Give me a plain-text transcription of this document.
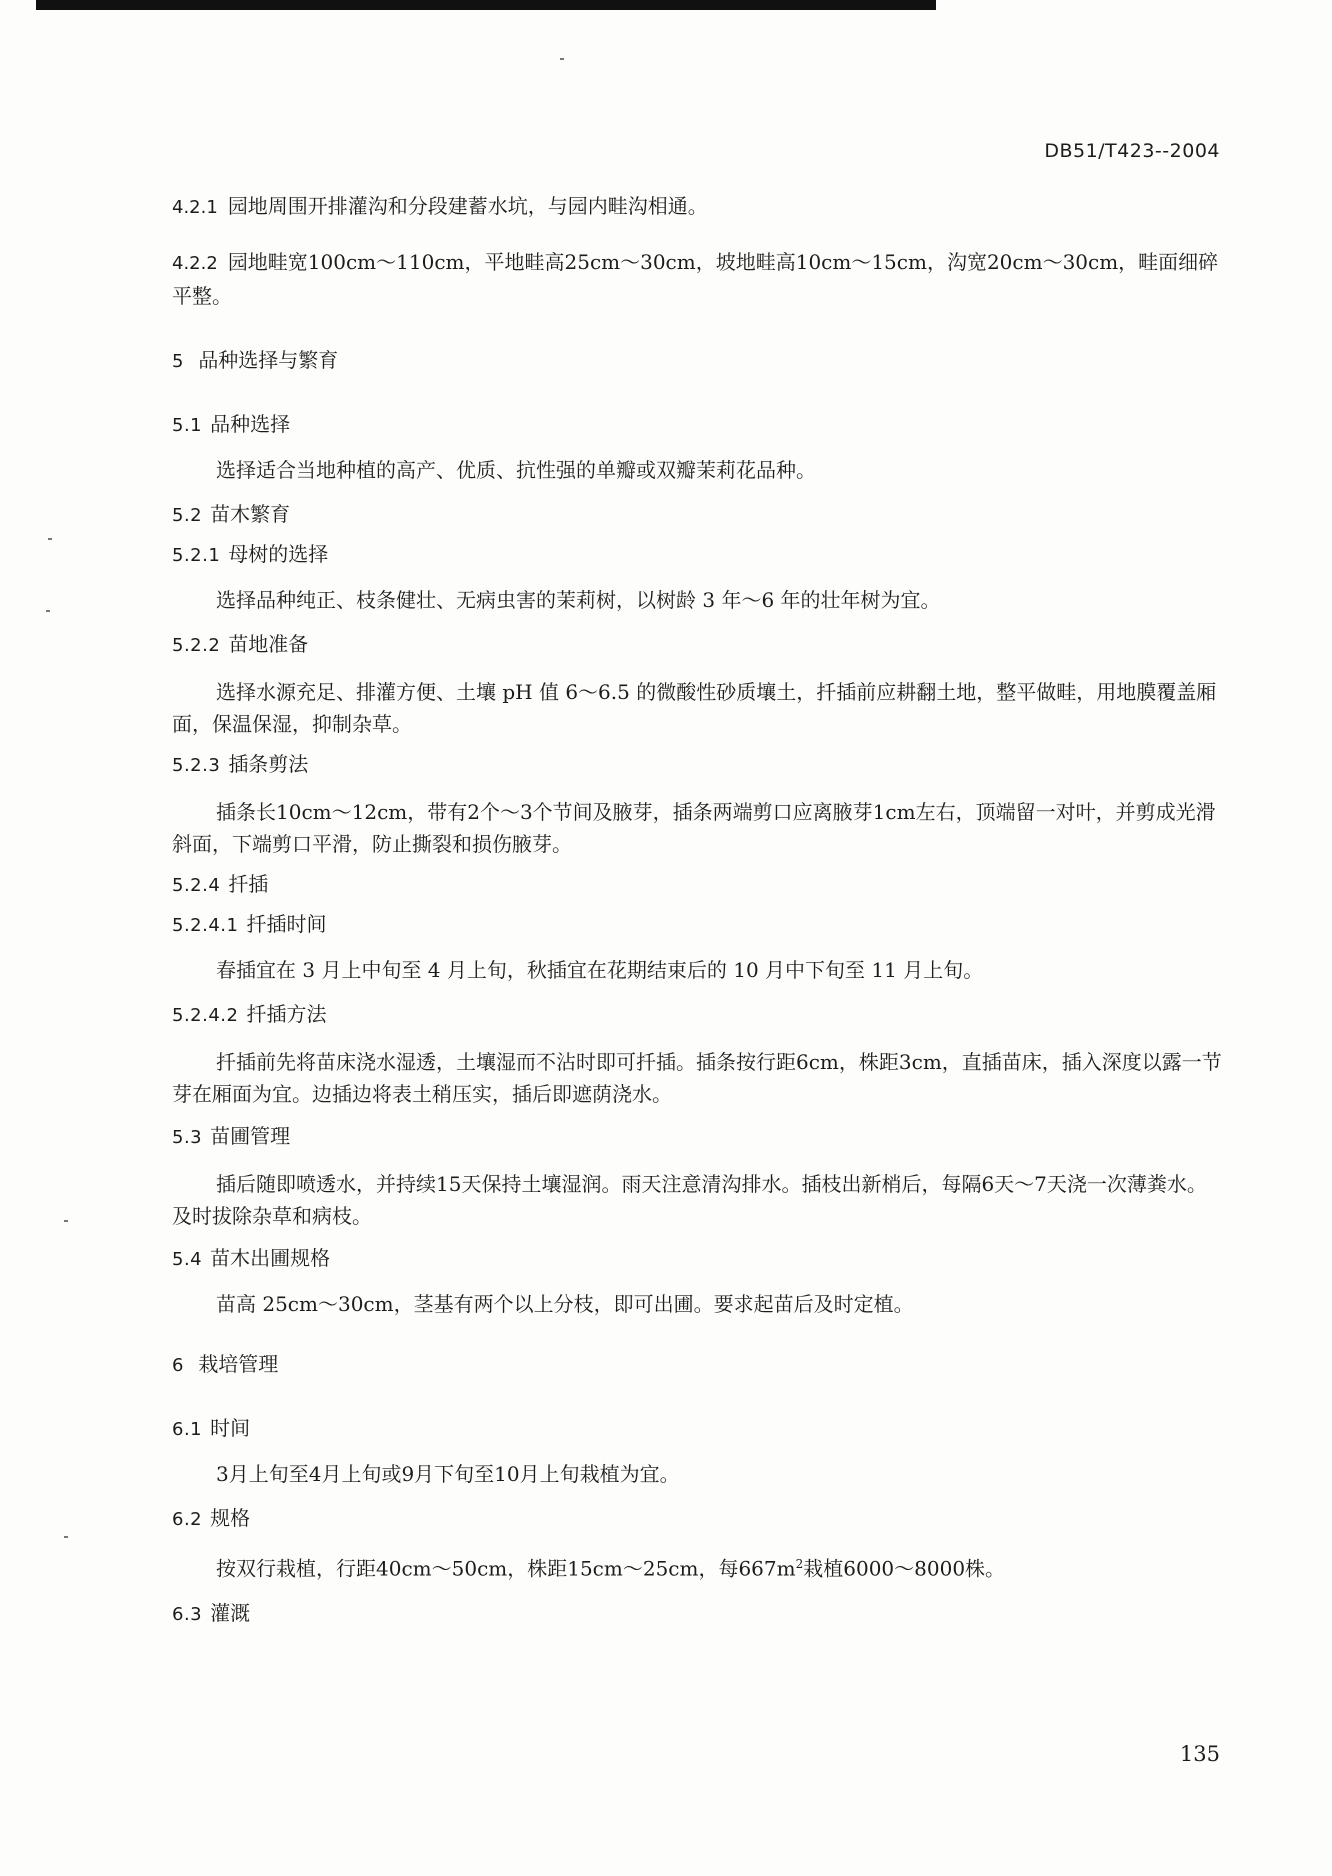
DB51/T423--2004

4.2.1 园地周围开排灌沟和分段建蓄水坑，与园内畦沟相通。

4.2.2 园地畦宽100cm～110cm，平地畦高25cm～30cm，坡地畦高10cm～15cm，沟宽20cm～30cm，畦面细碎平整。

5 品种选择与繁育

5.1 品种选择

选择适合当地种植的高产、优质、抗性强的单瓣或双瓣茉莉花品种。

5.2 苗木繁育

5.2.1 母树的选择

选择品种纯正、枝条健壮、无病虫害的茉莉树，以树龄 3 年～6 年的壮年树为宜。

5.2.2 苗地准备

选择水源充足、排灌方便、土壤 pH 值 6～6.5 的微酸性砂质壤土，扦插前应耕翻土地，整平做畦，用地膜覆盖厢面，保温保湿，抑制杂草。

5.2.3 插条剪法

插条长10cm～12cm，带有2个～3个节间及腋芽，插条两端剪口应离腋芽1cm左右，顶端留一对叶，并剪成光滑斜面，下端剪口平滑，防止撕裂和损伤腋芽。

5.2.4 扦插

5.2.4.1 扦插时间

春插宜在 3 月上中旬至 4 月上旬，秋插宜在花期结束后的 10 月中下旬至 11 月上旬。

5.2.4.2 扦插方法

扦插前先将苗床浇水湿透，土壤湿而不沾时即可扦插。插条按行距6cm，株距3cm，直插苗床，插入深度以露一节芽在厢面为宜。边插边将表土稍压实，插后即遮荫浇水。

5.3 苗圃管理

插后随即喷透水，并持续15天保持土壤湿润。雨天注意清沟排水。插枝出新梢后，每隔6天～7天浇一次薄粪水。及时拔除杂草和病枝。

5.4 苗木出圃规格

苗高 25cm～30cm，茎基有两个以上分枝，即可出圃。要求起苗后及时定植。

6 栽培管理

6.1 时间

3月上旬至4月上旬或9月下旬至10月上旬栽植为宜。

6.2 规格

按双行栽植，行距40cm～50cm，株距15cm～25cm，每$667m^2$栽植6000～8000株。

6.3 灌溉

135
